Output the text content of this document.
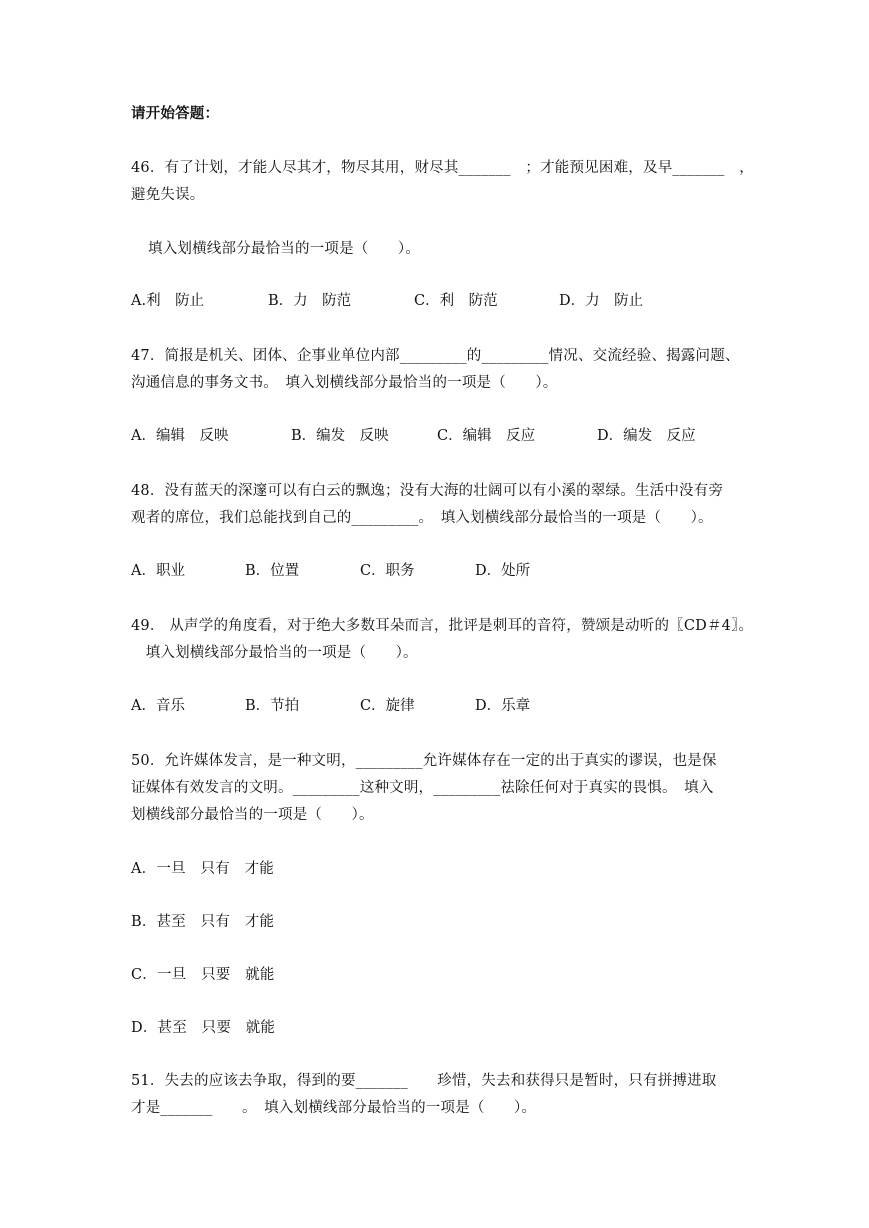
请开始答题：
46．有了计划，才能人尽其才，物尽其用，财尽其_______　；才能预见困难，及早_______　，
避免失误。
填入划横线部分最恰当的一项是（　　）。
A.利　防止	B．力　防范	C．利　防范	D．力　防止
47．简报是机关、团体、企事业单位内部_________的_________情况、交流经验、揭露问题、
沟通信息的事务文书。　填入划横线部分最恰当的一项是（　　）。
A．编辑　反映	B．编发　反映	C．编辑　反应	D．编发　反应
48．没有蓝天的深邃可以有白云的飘逸；没有大海的壮阔可以有小溪的翠绿。生活中没有旁
观者的席位，我们总能找到自己的_________。　填入划横线部分最恰当的一项是（　　）。
A．职业	B．位置	C．职务	D．处所
49． 从声学的角度看，对于绝大多数耳朵而言，批评是刺耳的音符，赞颂是动听的〖CD＃4〗。
　填入划横线部分最恰当的一项是（　　）。
A．音乐	B．节拍	C．旋律	D．乐章
50．允许媒体发言，是一种文明，_________允许媒体存在一定的出于真实的谬误，也是保
证媒体有效发言的文明。_________这种文明，_________祛除任何对于真实的畏惧。　填入
划横线部分最恰当的一项是（　　）。
A．一旦　只有　才能
B．甚至　只有　才能
C．一旦　只要　就能
D．甚至　只要　就能
51．失去的应该去争取，得到的要_______　　珍惜，失去和获得只是暂时，只有拼搏进取
才是_______　　。　填入划横线部分最恰当的一项是（　　）。
